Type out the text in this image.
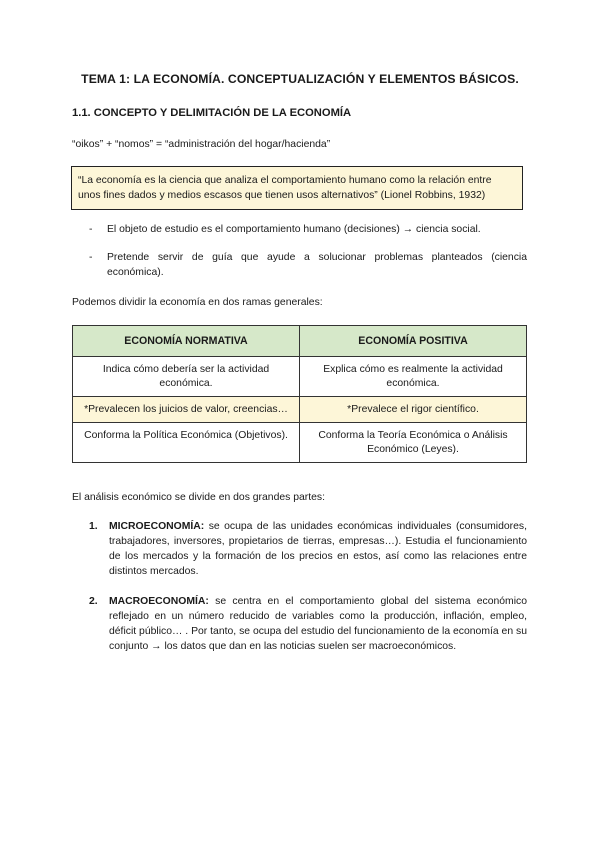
TEMA 1: LA ECONOMÍA. CONCEPTUALIZACIÓN Y ELEMENTOS BÁSICOS.
1.1. CONCEPTO Y DELIMITACIÓN DE LA ECONOMÍA
“oikos” + “nomos” = “administración del hogar/hacienda”
“La economía es la ciencia que analiza el comportamiento humano como la relación entre unos fines dados y medios escasos que tienen usos alternativos” (Lionel Robbins, 1932)
- El objeto de estudio es el comportamiento humano (decisiones) → ciencia social.
- Pretende servir de guía que ayude a solucionar problemas planteados (ciencia económica).
Podemos dividir la economía en dos ramas generales:
ECONOMÍA NORMATIVA	ECONOMÍA POSITIVA
Indica cómo debería ser la actividad económica.	Explica cómo es realmente la actividad económica.
*Prevalecen los juicios de valor, creencias…	*Prevalece el rigor científico.
Conforma la Política Económica (Objetivos).	Conforma la Teoría Económica o Análisis Económico (Leyes).
El análisis económico se divide en dos grandes partes:
1. MICROECONOMÍA: se ocupa de las unidades económicas individuales (consumidores, trabajadores, inversores, propietarios de tierras, empresas…). Estudia el funcionamiento de los mercados y la formación de los precios en estos, así como las relaciones entre distintos mercados.
2. MACROECONOMÍA: se centra en el comportamiento global del sistema económico reflejado en un número reducido de variables como la producción, inflación, empleo, déficit público… . Por tanto, se ocupa del estudio del funcionamiento de la economía en su conjunto → los datos que dan en las noticias suelen ser macroeconómicos.
